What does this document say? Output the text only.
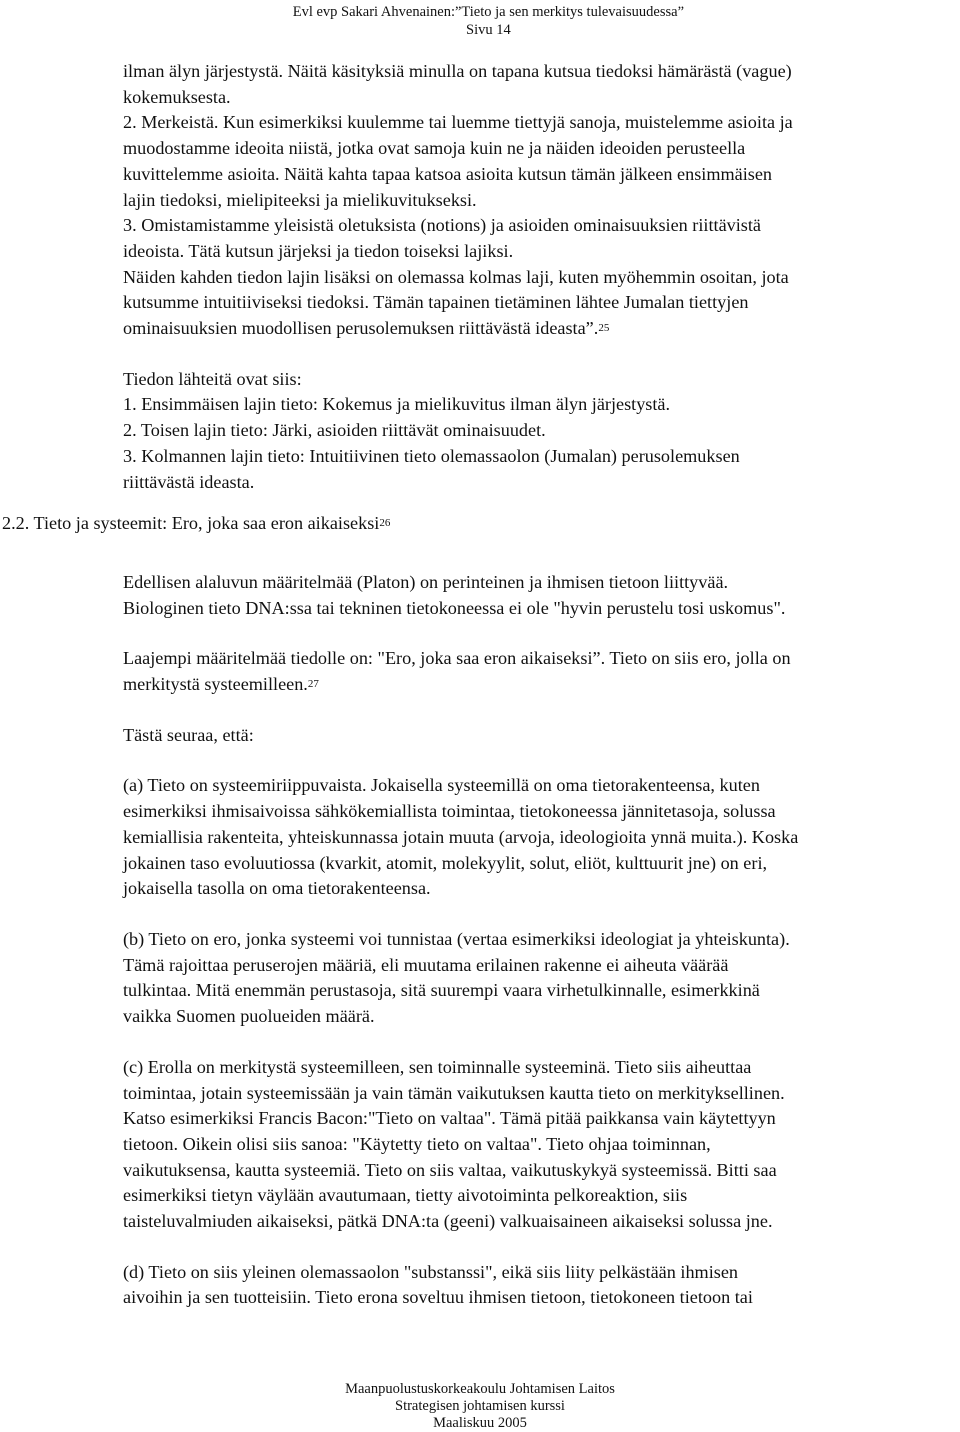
Evl evp Sakari Ahvenainen:”Tieto ja sen merkitys tulevaisuudessa”
Sivu 14
ilman älyn järjestystä. Näitä käsityksiä minulla on tapana kutsua tiedoksi hämärästä (vague)
kokemuksesta.
2. Merkeistä. Kun esimerkiksi kuulemme tai luemme tiettyjä sanoja, muistelemme asioita ja
muodostamme ideoita niistä, jotka ovat samoja kuin ne ja näiden ideoiden perusteella
kuvittelemme asioita. Näitä kahta tapaa katsoa asioita kutsun tämän jälkeen ensimmäisen
lajin tiedoksi, mielipiteeksi ja mielikuvitukseksi.
3. Omistamistamme yleisistä oletuksista (notions) ja asioiden ominaisuuksien riittävistä
ideoista. Tätä kutsun järjeksi ja tiedon toiseksi lajiksi.
Näiden kahden tiedon lajin lisäksi on olemassa kolmas laji, kuten myöhemmin osoitan, jota
kutsumme intuitiiviseksi tiedoksi. Tämän tapainen tietäminen lähtee Jumalan tiettyjen
ominaisuuksien muodollisen perusolemuksen riittävästä ideasta”.$^{25}$
Tiedon lähteitä ovat siis:
1. Ensimmäisen lajin tieto: Kokemus ja mielikuvitus ilman älyn järjestystä.
2. Toisen lajin tieto: Järki, asioiden riittävät ominaisuudet.
3. Kolmannen lajin tieto: Intuitiivinen tieto olemassaolon (Jumalan) perusolemuksen
riittävästä ideasta.
2.2. Tieto ja systeemit: Ero, joka saa eron aikaiseksi$^{26}$
Edellisen alaluvun määritelmää (Platon) on perinteinen ja ihmisen tietoon liittyvää.
Biologinen tieto DNA:ssa tai tekninen tietokoneessa ei ole "hyvin perustelu tosi uskomus".
Laajempi määritelmää tiedolle on: "Ero, joka saa eron aikaiseksi”. Tieto on siis ero, jolla on
merkitystä systeemilleen.$^{27}$
Tästä seuraa, että:
(a) Tieto on systeemiriippuvaista. Jokaisella systeemillä on oma tietorakenteensa, kuten
esimerkiksi ihmisaivoissa sähkökemiallista toimintaa, tietokoneessa jännitetasoja, solussa
kemiallisia rakenteita, yhteiskunnassa jotain muuta (arvoja, ideologioita ynnä muita.). Koska
jokainen taso evoluutiossa (kvarkit, atomit, molekyylit, solut, eliöt, kulttuurit jne) on eri,
jokaisella tasolla on oma tietorakenteensa.
(b) Tieto on ero, jonka systeemi voi tunnistaa (vertaa esimerkiksi ideologiat ja yhteiskunta).
Tämä rajoittaa peruserojen määriä, eli muutama erilainen rakenne ei aiheuta väärää
tulkintaa. Mitä enemmän perustasoja, sitä suurempi vaara virhetulkinnalle, esimerkkinä
vaikka Suomen puolueiden määrä.
(c) Erolla on merkitystä systeemilleen, sen toiminnalle systeeminä. Tieto siis aiheuttaa
toimintaa, jotain systeemissään ja vain tämän vaikutuksen kautta tieto on merkityksellinen.
Katso esimerkiksi Francis Bacon:"Tieto on valtaa". Tämä pitää paikkansa vain käytettyyn
tietoon. Oikein olisi siis sanoa: "Käytetty tieto on valtaa". Tieto ohjaa toiminnan,
vaikutuksensa, kautta systeemiä. Tieto on siis valtaa, vaikutuskykyä systeemissä. Bitti saa
esimerkiksi tietyn väylään avautumaan, tietty aivotoiminta pelkoreaktion, siis
taisteluvalmiuden aikaiseksi, pätkä DNA:ta (geeni) valkuaisaineen aikaiseksi solussa jne.
(d) Tieto on siis yleinen olemassaolon "substanssi", eikä siis liity pelkästään ihmisen
aivoihin ja sen tuotteisiin. Tieto erona soveltuu ihmisen tietoon, tietokoneen tietoon tai
Maanpuolustuskorkeakoulu Johtamisen Laitos
Strategisen johtamisen kurssi
Maaliskuu 2005
